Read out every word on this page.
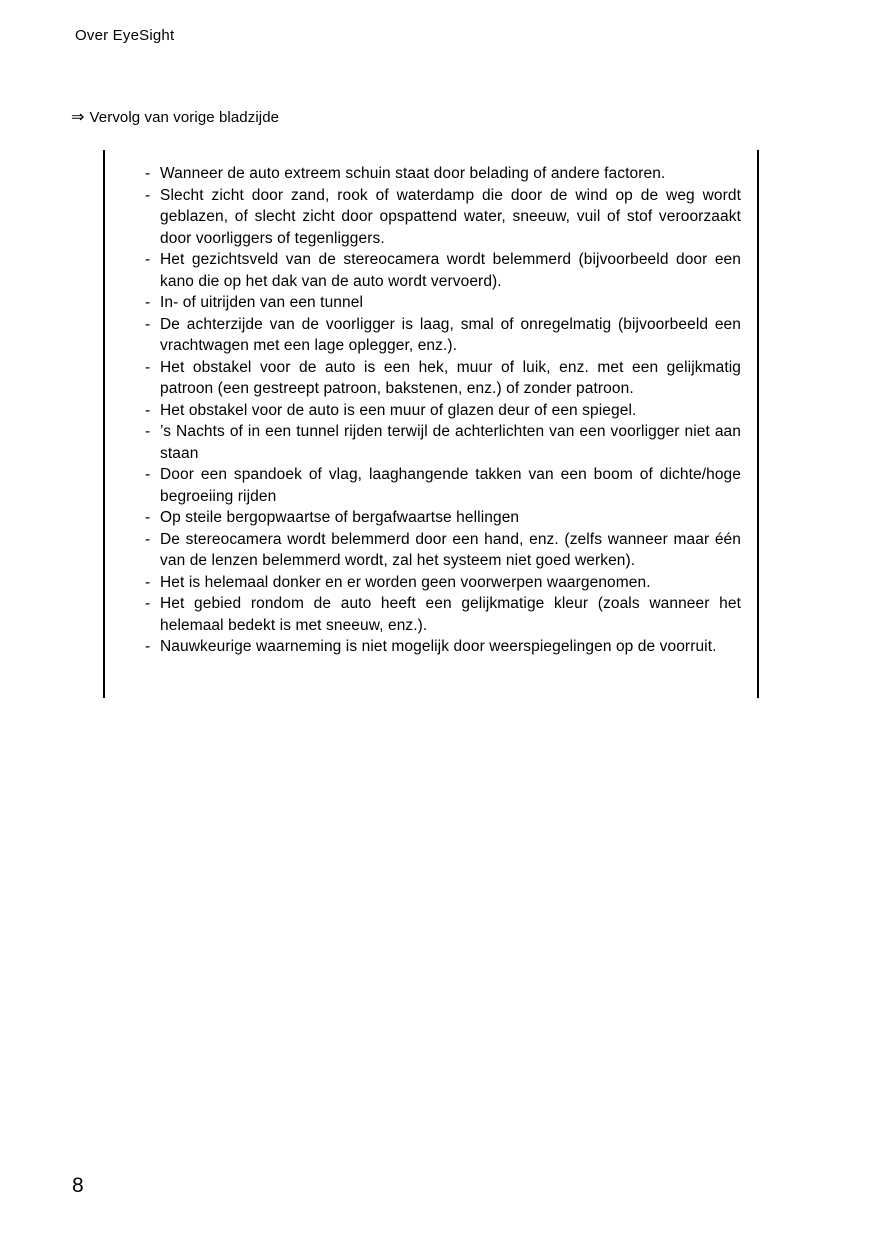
Over EyeSight
⇒ Vervolg van vorige bladzijde
- Wanneer de auto extreem schuin staat door belading of andere factoren.
- Slecht zicht door zand, rook of waterdamp die door de wind op de weg wordt geblazen, of slecht zicht door opspattend water, sneeuw, vuil of stof veroorzaakt door voorliggers of tegenliggers.
- Het gezichtsveld van de stereocamera wordt belemmerd (bijvoorbeeld door een kano die op het dak van de auto wordt vervoerd).
- In- of uitrijden van een tunnel
- De achterzijde van de voorligger is laag, smal of onregelmatig (bijvoorbeeld een vrachtwagen met een lage oplegger, enz.).
- Het obstakel voor de auto is een hek, muur of luik, enz. met een gelijkmatig patroon (een gestreept patroon, bakstenen, enz.) of zonder patroon.
- Het obstakel voor de auto is een muur of glazen deur of een spiegel.
- ’s Nachts of in een tunnel rijden terwijl de achterlichten van een voorligger niet aan staan
- Door een spandoek of vlag, laaghangende takken van een boom of dichte/hoge begroeiing rijden
- Op steile bergopwaartse of bergafwaartse hellingen
- De stereocamera wordt belemmerd door een hand, enz. (zelfs wanneer maar één van de lenzen belemmerd wordt, zal het systeem niet goed werken).
- Het is helemaal donker en er worden geen voorwerpen waargenomen.
- Het gebied rondom de auto heeft een gelijkmatige kleur (zoals wanneer het helemaal bedekt is met sneeuw, enz.).
- Nauwkeurige waarneming is niet mogelijk door weerspiegelingen op de voorruit.
8
